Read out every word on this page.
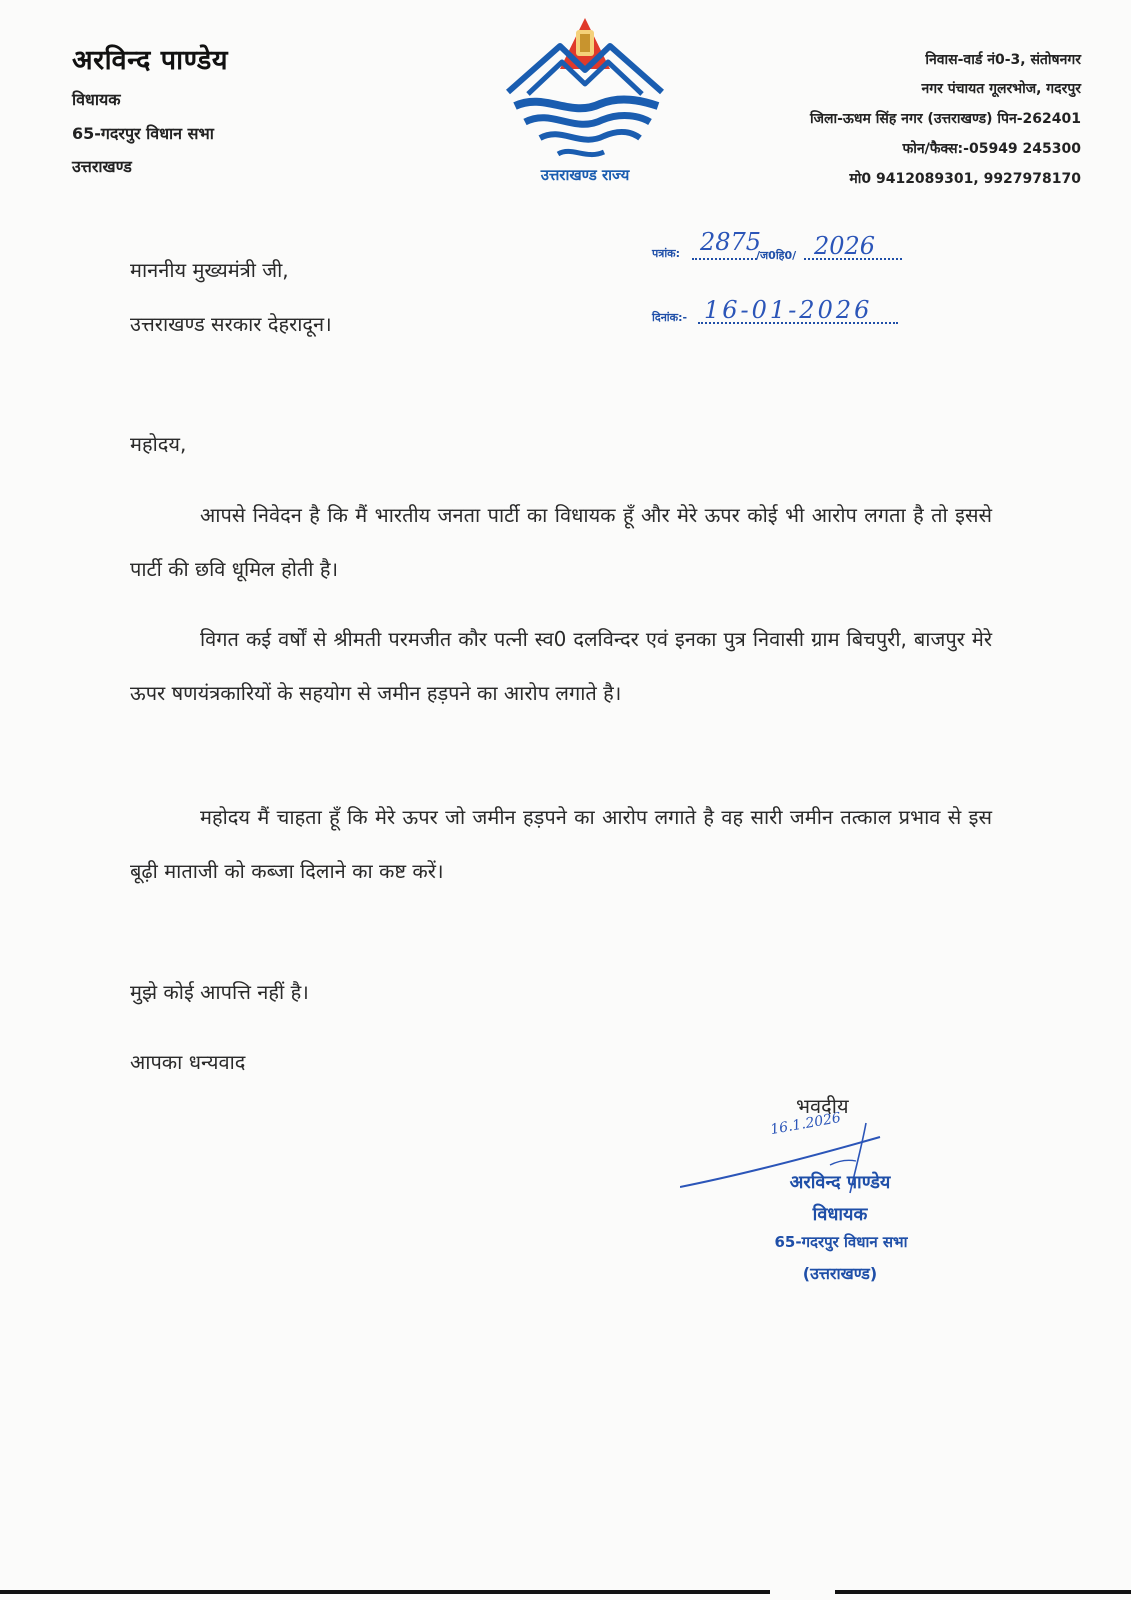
अरविन्द पाण्डेय
विधायक
65-गदरपुर विधान सभा
उत्तराखण्ड	उत्तराखण्ड राज्य
निवास-वार्ड नं0-3, संतोषनगर
नगर पंचायत गूलरभोज, गदरपुर
जिला-ऊधम सिंह नगर (उत्तराखण्ड) पिन-262401
फोन/फैक्स:-05949 245300
मो0 9412089301, 9927978170
पत्रांक: 2875
/ज0हि0/ 2026
दिनांक:- 16-01-2026
माननीय मुख्यमंत्री जी,
उत्तराखण्ड सरकार देहरादून।
महोदय,
आपसे निवेदन है कि मैं भारतीय जनता पार्टी का विधायक हूँ और मेरे ऊपर कोई भी आरोप लगता है तो इससे पार्टी की छवि धूमिल होती है।
विगत कई वर्षों से श्रीमती परमजीत कौर पत्नी स्व0 दलविन्दर एवं इनका पुत्र निवासी ग्राम बिचपुरी, बाजपुर मेरे ऊपर षणयंत्रकारियों के सहयोग से जमीन हड़पने का आरोप लगाते है।
महोदय मैं चाहता हूँ कि मेरे ऊपर जो जमीन हड़पने का आरोप लगाते है वह सारी जमीन तत्काल प्रभाव से इस बूढ़ी माताजी को कब्जा दिलाने का कष्ट करें।
मुझे कोई आपत्ति नहीं है।
आपका धन्यवाद
भवदीय
16.1.2026
अरविन्द पाण्डेय
विधायक
65-गदरपुर विधान सभा
(उत्तराखण्ड)
